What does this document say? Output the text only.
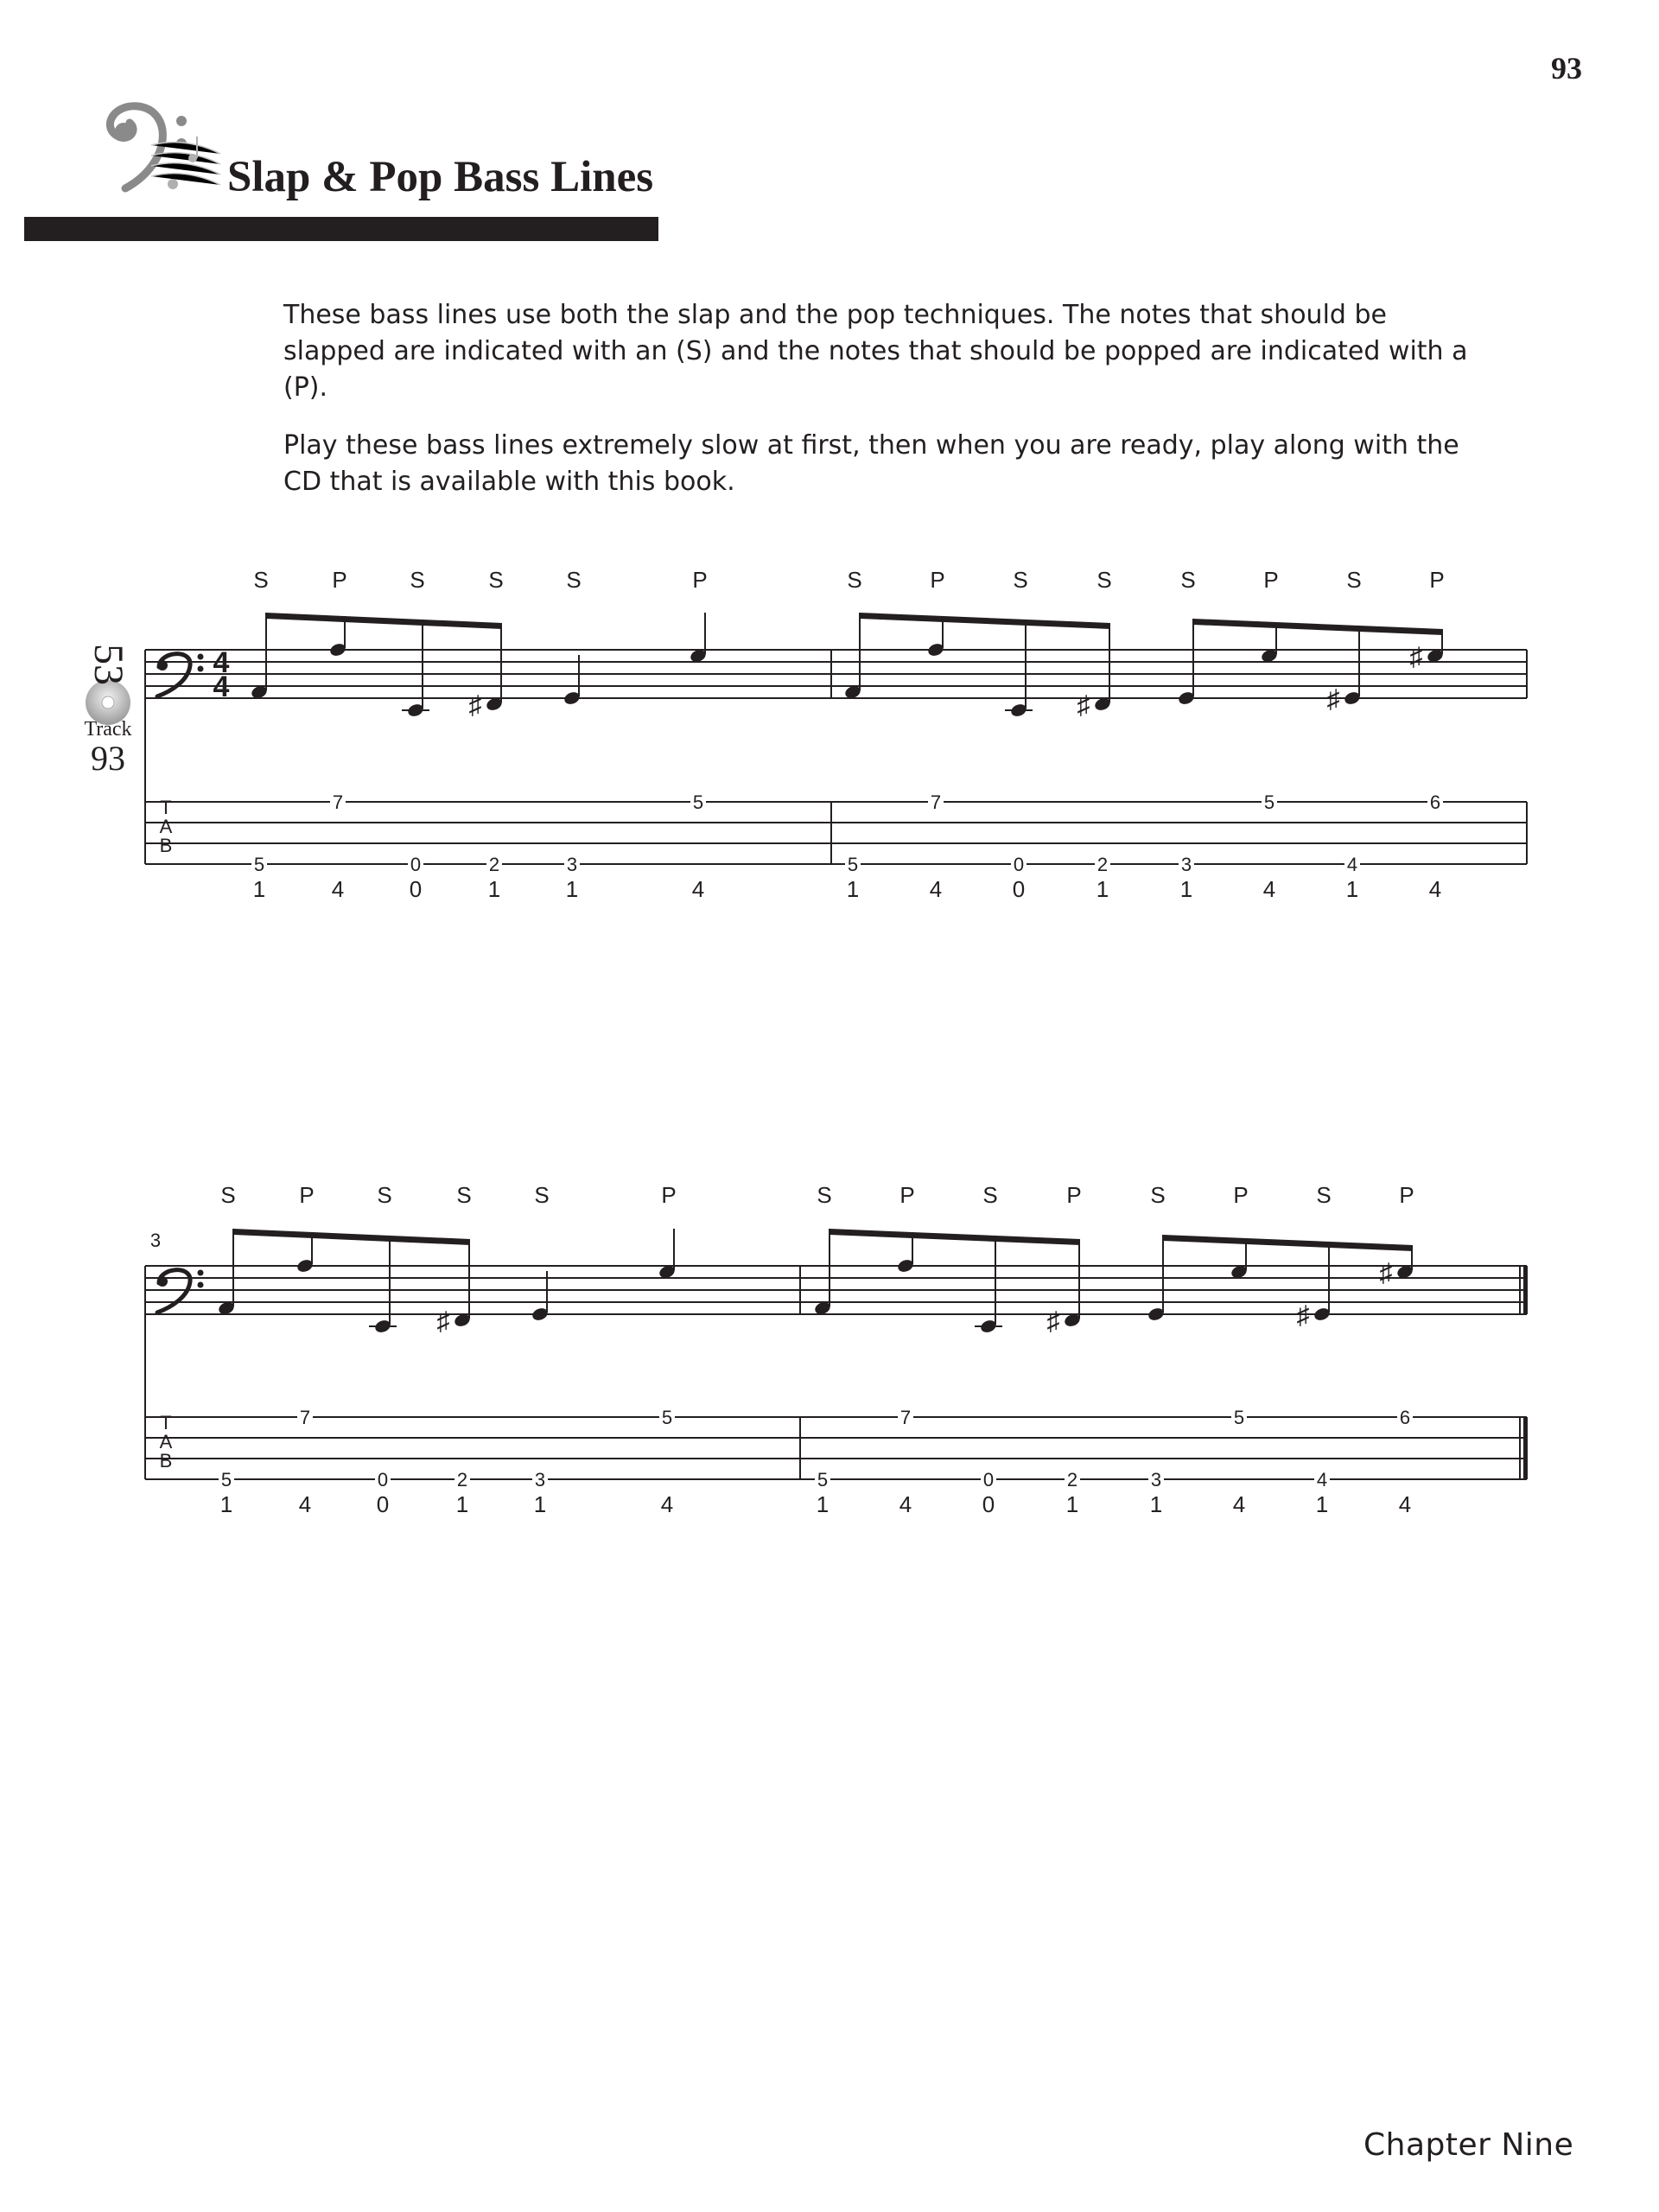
93
Slap & Pop Bass Lines

These bass lines use both the slap and the pop techniques. The notes that should be slapped are indicated with an (S) and the notes that should be popped are indicated with a (P).

Play these bass lines extremely slow at first, then when you are ready, play along with the CD that is available with this book.

53
Track
93
T
A
B
4
4
S
5
1
P
7
4
S
0
0
S
♯
2
1
S
3
1
P
5
4
S
5
1
P
7
4
S
0
0
S
♯
2
1
S
3
1
P
5
4
S
♯
4
1
P
♯
6
4
T
A
B
3
S
5
1
P
7
4
S
0
0
S
♯
2
1
S
3
1
P
5
4
S
5
1
P
7
4
S
0
0
P
♯
2
1
S
3
1
P
5
4
S
♯
4
1
P
♯
6
4
Chapter Nine
